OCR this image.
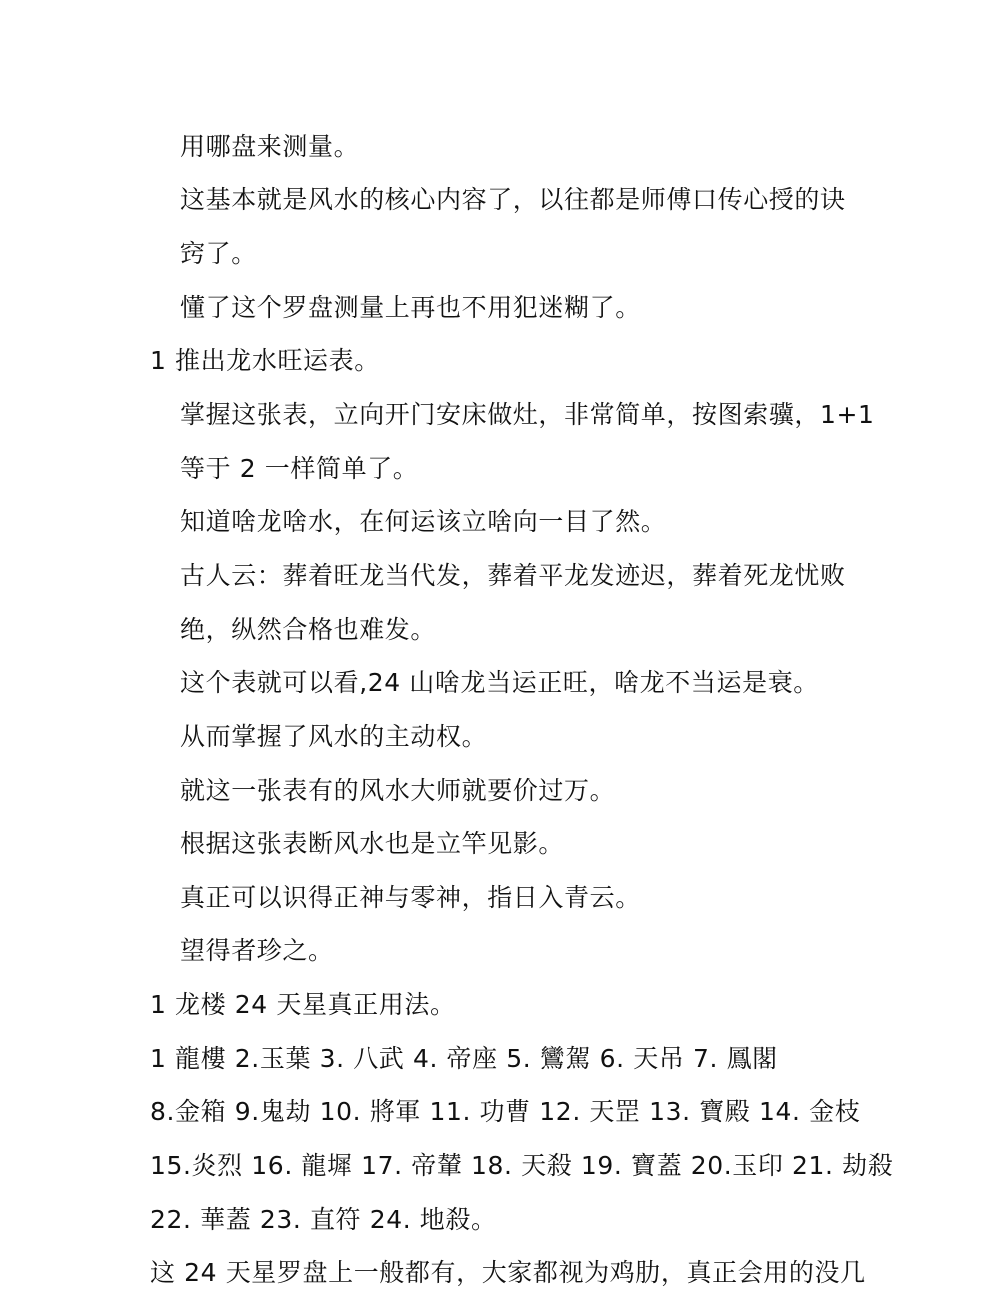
用哪盘来测量。
这基本就是风水的核心内容了，以往都是师傅口传心授的诀
窍了。
懂了这个罗盘测量上再也不用犯迷糊了。
1 推出龙水旺运表。
掌握这张表，立向开门安床做灶，非常简单，按图索骥，1+1
等于 2 一样简单了。
知道啥龙啥水，在何运该立啥向一目了然。
古人云：葬着旺龙当代发，葬着平龙发迹迟，葬着死龙忧败
绝，纵然合格也难发。
这个表就可以看,24 山啥龙当运正旺，啥龙不当运是衰。
从而掌握了风水的主动权。
就这一张表有的风水大师就要价过万。
根据这张表断风水也是立竿见影。
真正可以识得正神与零神，指日入青云。
望得者珍之。
1 龙楼 24 天星真正用法。
1 龍樓 2.玉葉 3. 八武 4. 帝座 5. 鸞駕 6. 天吊 7. 鳳閣
8.金箱 9.鬼劫 10. 將軍 11. 功曹 12. 天罡 13. 寶殿 14. 金枝
15.炎烈 16. 龍墀 17. 帝輦 18. 天殺 19. 寶蓋 20.玉印 21. 劫殺
22. 華蓋 23. 直符 24. 地殺。
这 24 天星罗盘上一般都有，大家都视为鸡肋，真正会用的没几
